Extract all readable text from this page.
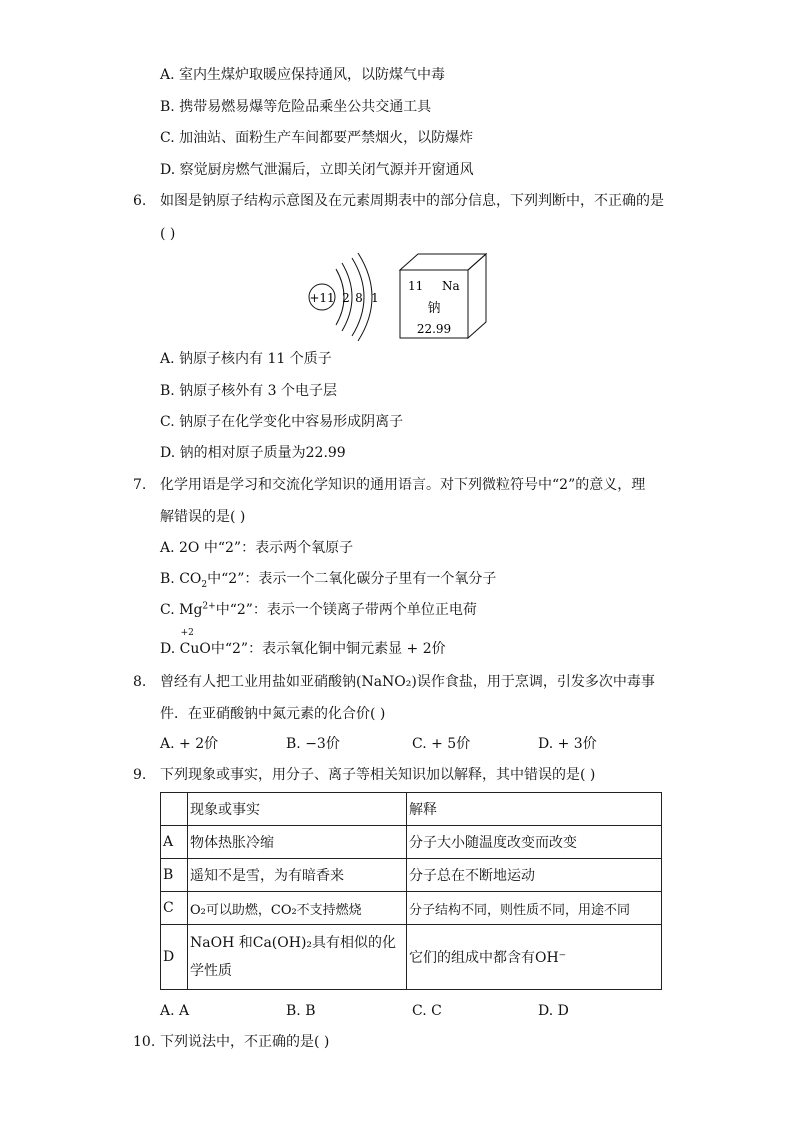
A. 室内生煤炉取暖应保持通风，以防煤气中毒
B. 携带易燃易爆等危险品乘坐公共交通工具
C. 加油站、面粉生产车间都要严禁烟火，以防爆炸
D. 察觉厨房燃气泄漏后，立即关闭气源并开窗通风
6. 如图是钠原子结构示意图及在元素周期表中的部分信息，下列判断中，不正确的是
( )
+11 2 8 1
11 Na
钠
22.99
A. 钠原子核内有 11 个质子
B. 钠原子核外有 3 个电子层
C. 钠原子在化学变化中容易形成阴离子
D. 钠的相对原子质量为22.99
7. 化学用语是学习和交流化学知识的通用语言。对下列微粒符号中“2”的意义，理
解错误的是( )
A. 2O 中“2”：表示两个氧原子
B. $CO_2$中“2”：表示一个二氧化碳分子里有一个氧分子
C. $Mg^{2+}$中“2”：表示一个镁离子带两个单位正电荷
D.
+2
CuO中“2”：表示氧化铜中铜元素显 + 2价
8. 曾经有人把工业用盐如亚硝酸钠(NaNO₂)误作食盐，用于烹调，引发多次中毒事
件．在亚硝酸钠中氮元素的化合价( )
A. + 2价	B. −3价	C. + 5价	D. + 3价
9. 下列现象或事实，用分子、离子等相关知识加以解释，其中错误的是( )
	现象或事实	解释
A	物体热胀冷缩	分子大小随温度改变而改变
B	遥知不是雪，为有暗香来	分子总在不断地运动
C	O₂可以助燃，CO₂不支持燃烧	分子结构不同，则性质不同，用途不同
D	NaOH 和Ca(OH)₂具有相似的化学性质	它们的组成中都含有OH⁻
A. A	B. B	C. C	D. D
10. 下列说法中，不正确的是( )
